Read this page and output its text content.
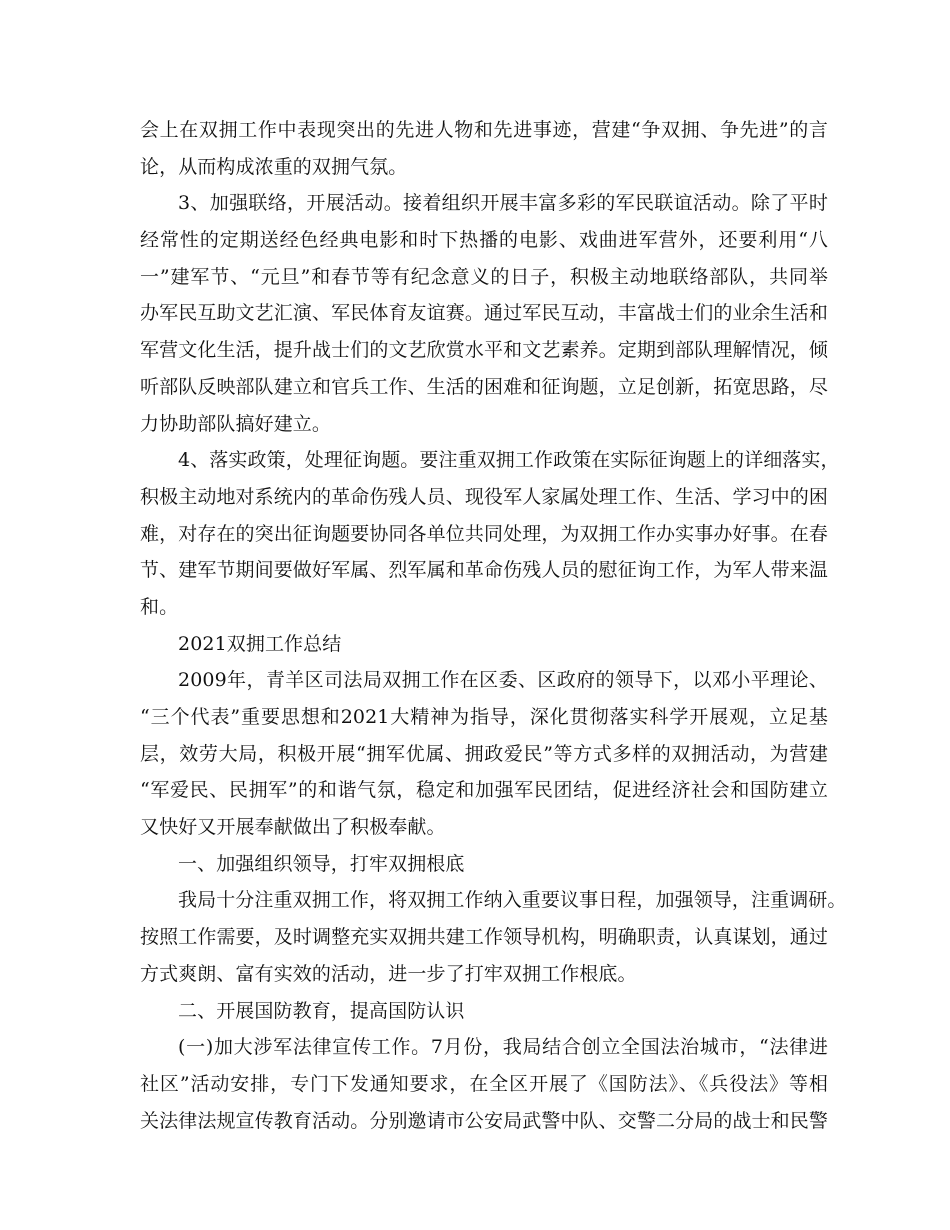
会上在双拥工作中表现突出的先进人物和先进事迹，营建“争双拥、争先进”的言
论，从而构成浓重的双拥气氛。
3、加强联络，开展活动。接着组织开展丰富多彩的军民联谊活动。除了平时
经常性的定期送经色经典电影和时下热播的电影、戏曲进军营外，还要利用“八
一”建军节、“元旦”和春节等有纪念意义的日子，积极主动地联络部队，共同举
办军民互助文艺汇演、军民体育友谊赛。通过军民互动，丰富战士们的业余生活和
军营文化生活，提升战士们的文艺欣赏水平和文艺素养。定期到部队理解情况，倾
听部队反映部队建立和官兵工作、生活的困难和征询题，立足创新，拓宽思路，尽
力协助部队搞好建立。
4、落实政策，处理征询题。要注重双拥工作政策在实际征询题上的详细落实，
积极主动地对系统内的革命伤残人员、现役军人家属处理工作、生活、学习中的困
难，对存在的突出征询题要协同各单位共同处理，为双拥工作办实事办好事。在春
节、建军节期间要做好军属、烈军属和革命伤残人员的慰征询工作，为军人带来温
和。
2021双拥工作总结
2009年，青羊区司法局双拥工作在区委、区政府的领导下，以邓小平理论、
“三个代表”重要思想和2021大精神为指导，深化贯彻落实科学开展观，立足基
层，效劳大局，积极开展“拥军优属、拥政爱民”等方式多样的双拥活动，为营建
“军爱民、民拥军”的和谐气氛，稳定和加强军民团结，促进经济社会和国防建立
又快好又开展奉献做出了积极奉献。
一、加强组织领导，打牢双拥根底
我局十分注重双拥工作，将双拥工作纳入重要议事日程，加强领导，注重调研。
按照工作需要，及时调整充实双拥共建工作领导机构，明确职责，认真谋划，通过
方式爽朗、富有实效的活动，进一步了打牢双拥工作根底。
二、开展国防教育，提高国防认识
(一)加大涉军法律宣传工作。7月份，我局结合创立全国法治城市，“法律进
社区”活动安排，专门下发通知要求，在全区开展了《国防法》、《兵役法》等相
关法律法规宣传教育活动。分别邀请市公安局武警中队、交警二分局的战士和民警
